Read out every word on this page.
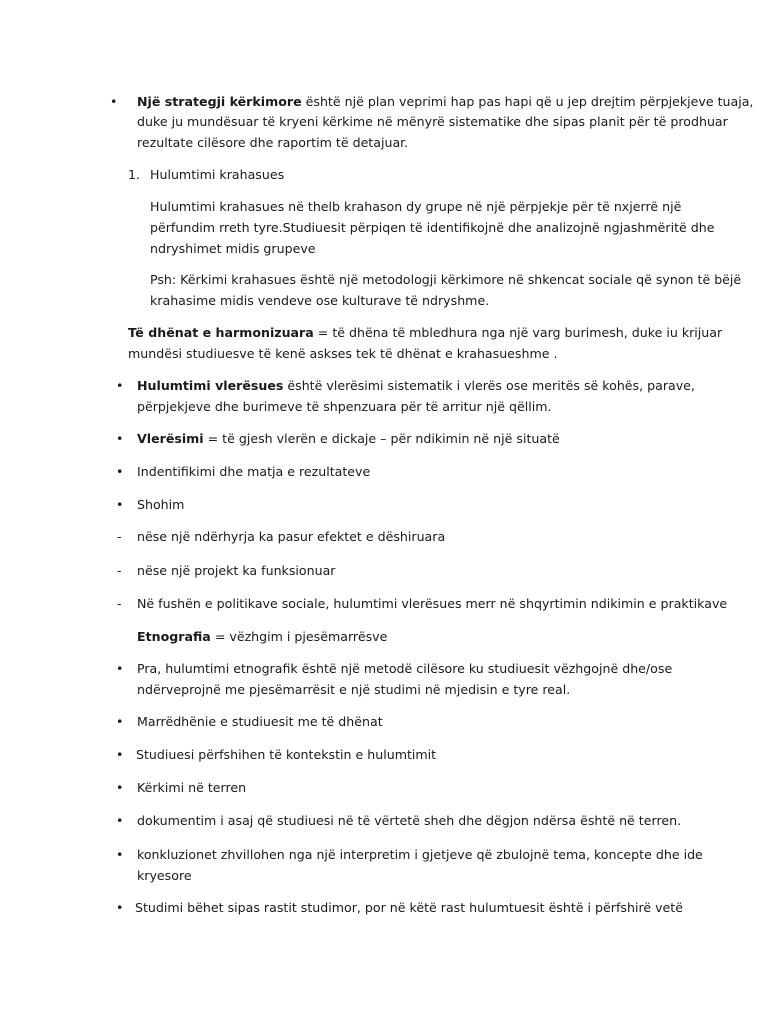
• Një strategji kërkimore është një plan veprimi hap pas hapi që u jep drejtim përpjekjeve tuaja,
duke ju mundësuar të kryeni kërkime në mënyrë sistematike dhe sipas planit për të prodhuar
rezultate cilësore dhe raportim të detajuar.
1. Hulumtimi krahasues
Hulumtimi krahasues në thelb krahason dy grupe në një përpjekje për të nxjerrë një
përfundim rreth tyre.Studiuesit përpiqen të identifikojnë dhe analizojnë ngjashmëritë dhe
ndryshimet midis grupeve
Psh: Kërkimi krahasues është një metodologji kërkimore në shkencat sociale që synon të bëjë
krahasime midis vendeve ose kulturave të ndryshme.
Të dhënat e harmonizuara = të dhëna të mbledhura nga një varg burimesh, duke iu krijuar
mundësi studiuesve të kenë askses tek të dhënat e krahasueshme .
• Hulumtimi vlerësues është vlerësimi sistematik i vlerës ose meritës së kohës, parave,
përpjekjeve dhe burimeve të shpenzuara për të arritur një qëllim.
• Vlerësimi = të gjesh vlerën e dickaje – për ndikimin në një situatë
• Indentifikimi dhe matja e rezultateve
• Shohim
- nëse një ndërhyrja ka pasur efektet e dëshiruara
- nëse një projekt ka funksionuar
- Në fushën e politikave sociale, hulumtimi vlerësues merr në shqyrtimin ndikimin e praktikave
Etnografia = vëzhgim i pjesëmarrësve
• Pra, hulumtimi etnografik është një metodë cilësore ku studiuesit vëzhgojnë dhe/ose
ndërveprojnë me pjesëmarrësit e një studimi në mjedisin e tyre real.
• Marrëdhënie e studiuesit me të dhënat
• Studiuesi përfshihen të kontekstin e hulumtimit
• Kërkimi në terren
• dokumentim i asaj që studiuesi në të vërtetë sheh dhe dëgjon ndërsa është në terren.
• konkluzionet zhvillohen nga një interpretim i gjetjeve që zbulojnë tema, koncepte dhe ide
kryesore
• Studimi bëhet sipas rastit studimor, por në këtë rast hulumtuesit është i përfshirë vetë
